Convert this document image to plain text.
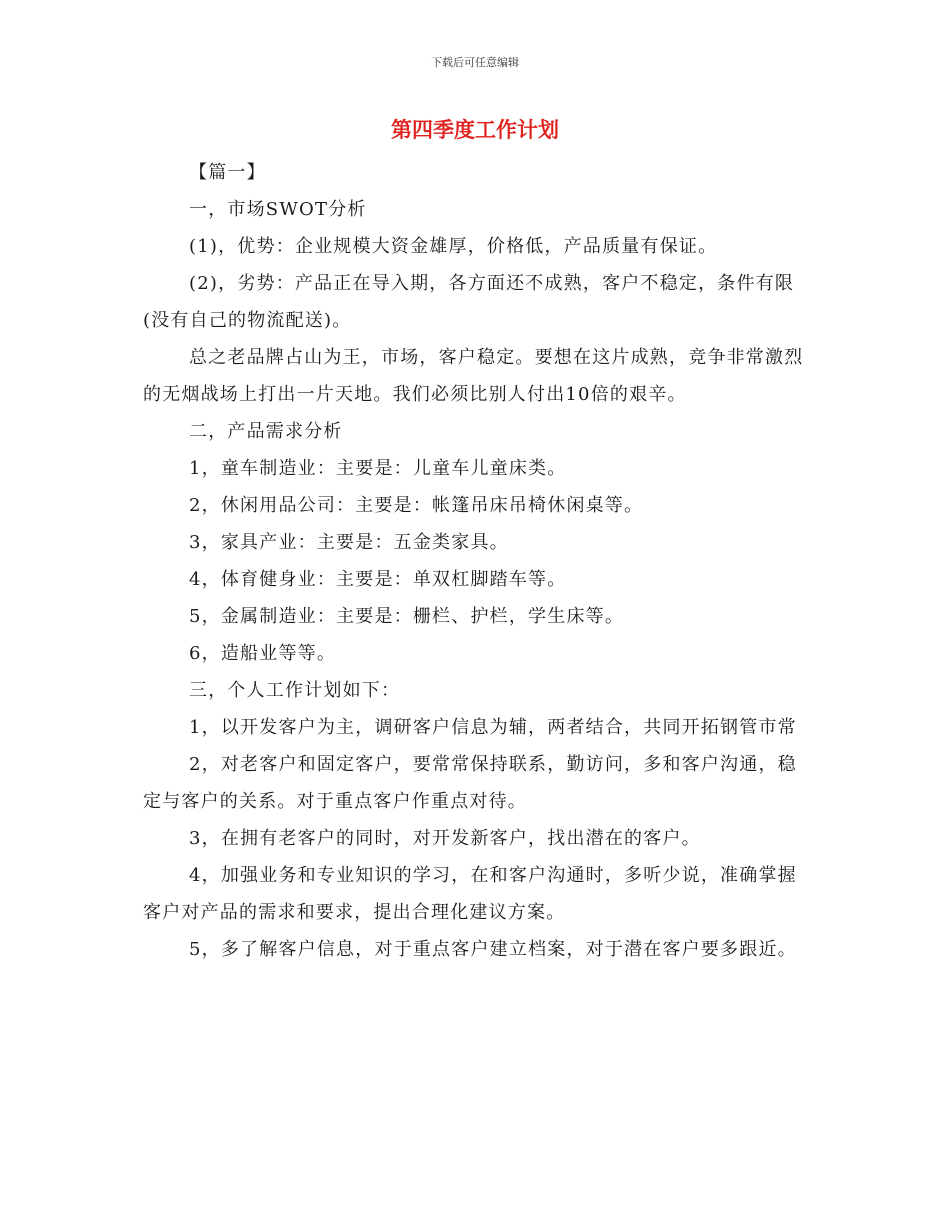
下载后可任意编辑
第四季度工作计划

【篇一】

一，市场SWOT分析

(1)，优势：企业规模大资金雄厚，价格低，产品质量有保证。

(2)，劣势：产品正在导入期，各方面还不成熟，客户不稳定，条件有限(没有自己的物流配送)。

总之老品牌占山为王，市场，客户稳定。要想在这片成熟，竞争非常激烈的无烟战场上打出一片天地。我们必须比别人付出10倍的艰辛。

二，产品需求分析

1，童车制造业：主要是：儿童车儿童床类。

2，休闲用品公司：主要是：帐篷吊床吊椅休闲桌等。

3，家具产业：主要是：五金类家具。

4，体育健身业：主要是：单双杠脚踏车等。

5，金属制造业：主要是：栅栏、护栏，学生床等。

6，造船业等等。

三，个人工作计划如下：

1，以开发客户为主，调研客户信息为辅，两者结合，共同开拓钢管市常

2，对老客户和固定客户，要常常保持联系，勤访问，多和客户沟通，稳定与客户的关系。对于重点客户作重点对待。

3，在拥有老客户的同时，对开发新客户，找出潜在的客户。

4，加强业务和专业知识的学习，在和客户沟通时，多听少说，准确掌握客户对产品的需求和要求，提出合理化建议方案。

5，多了解客户信息，对于重点客户建立档案，对于潜在客户要多跟近。
